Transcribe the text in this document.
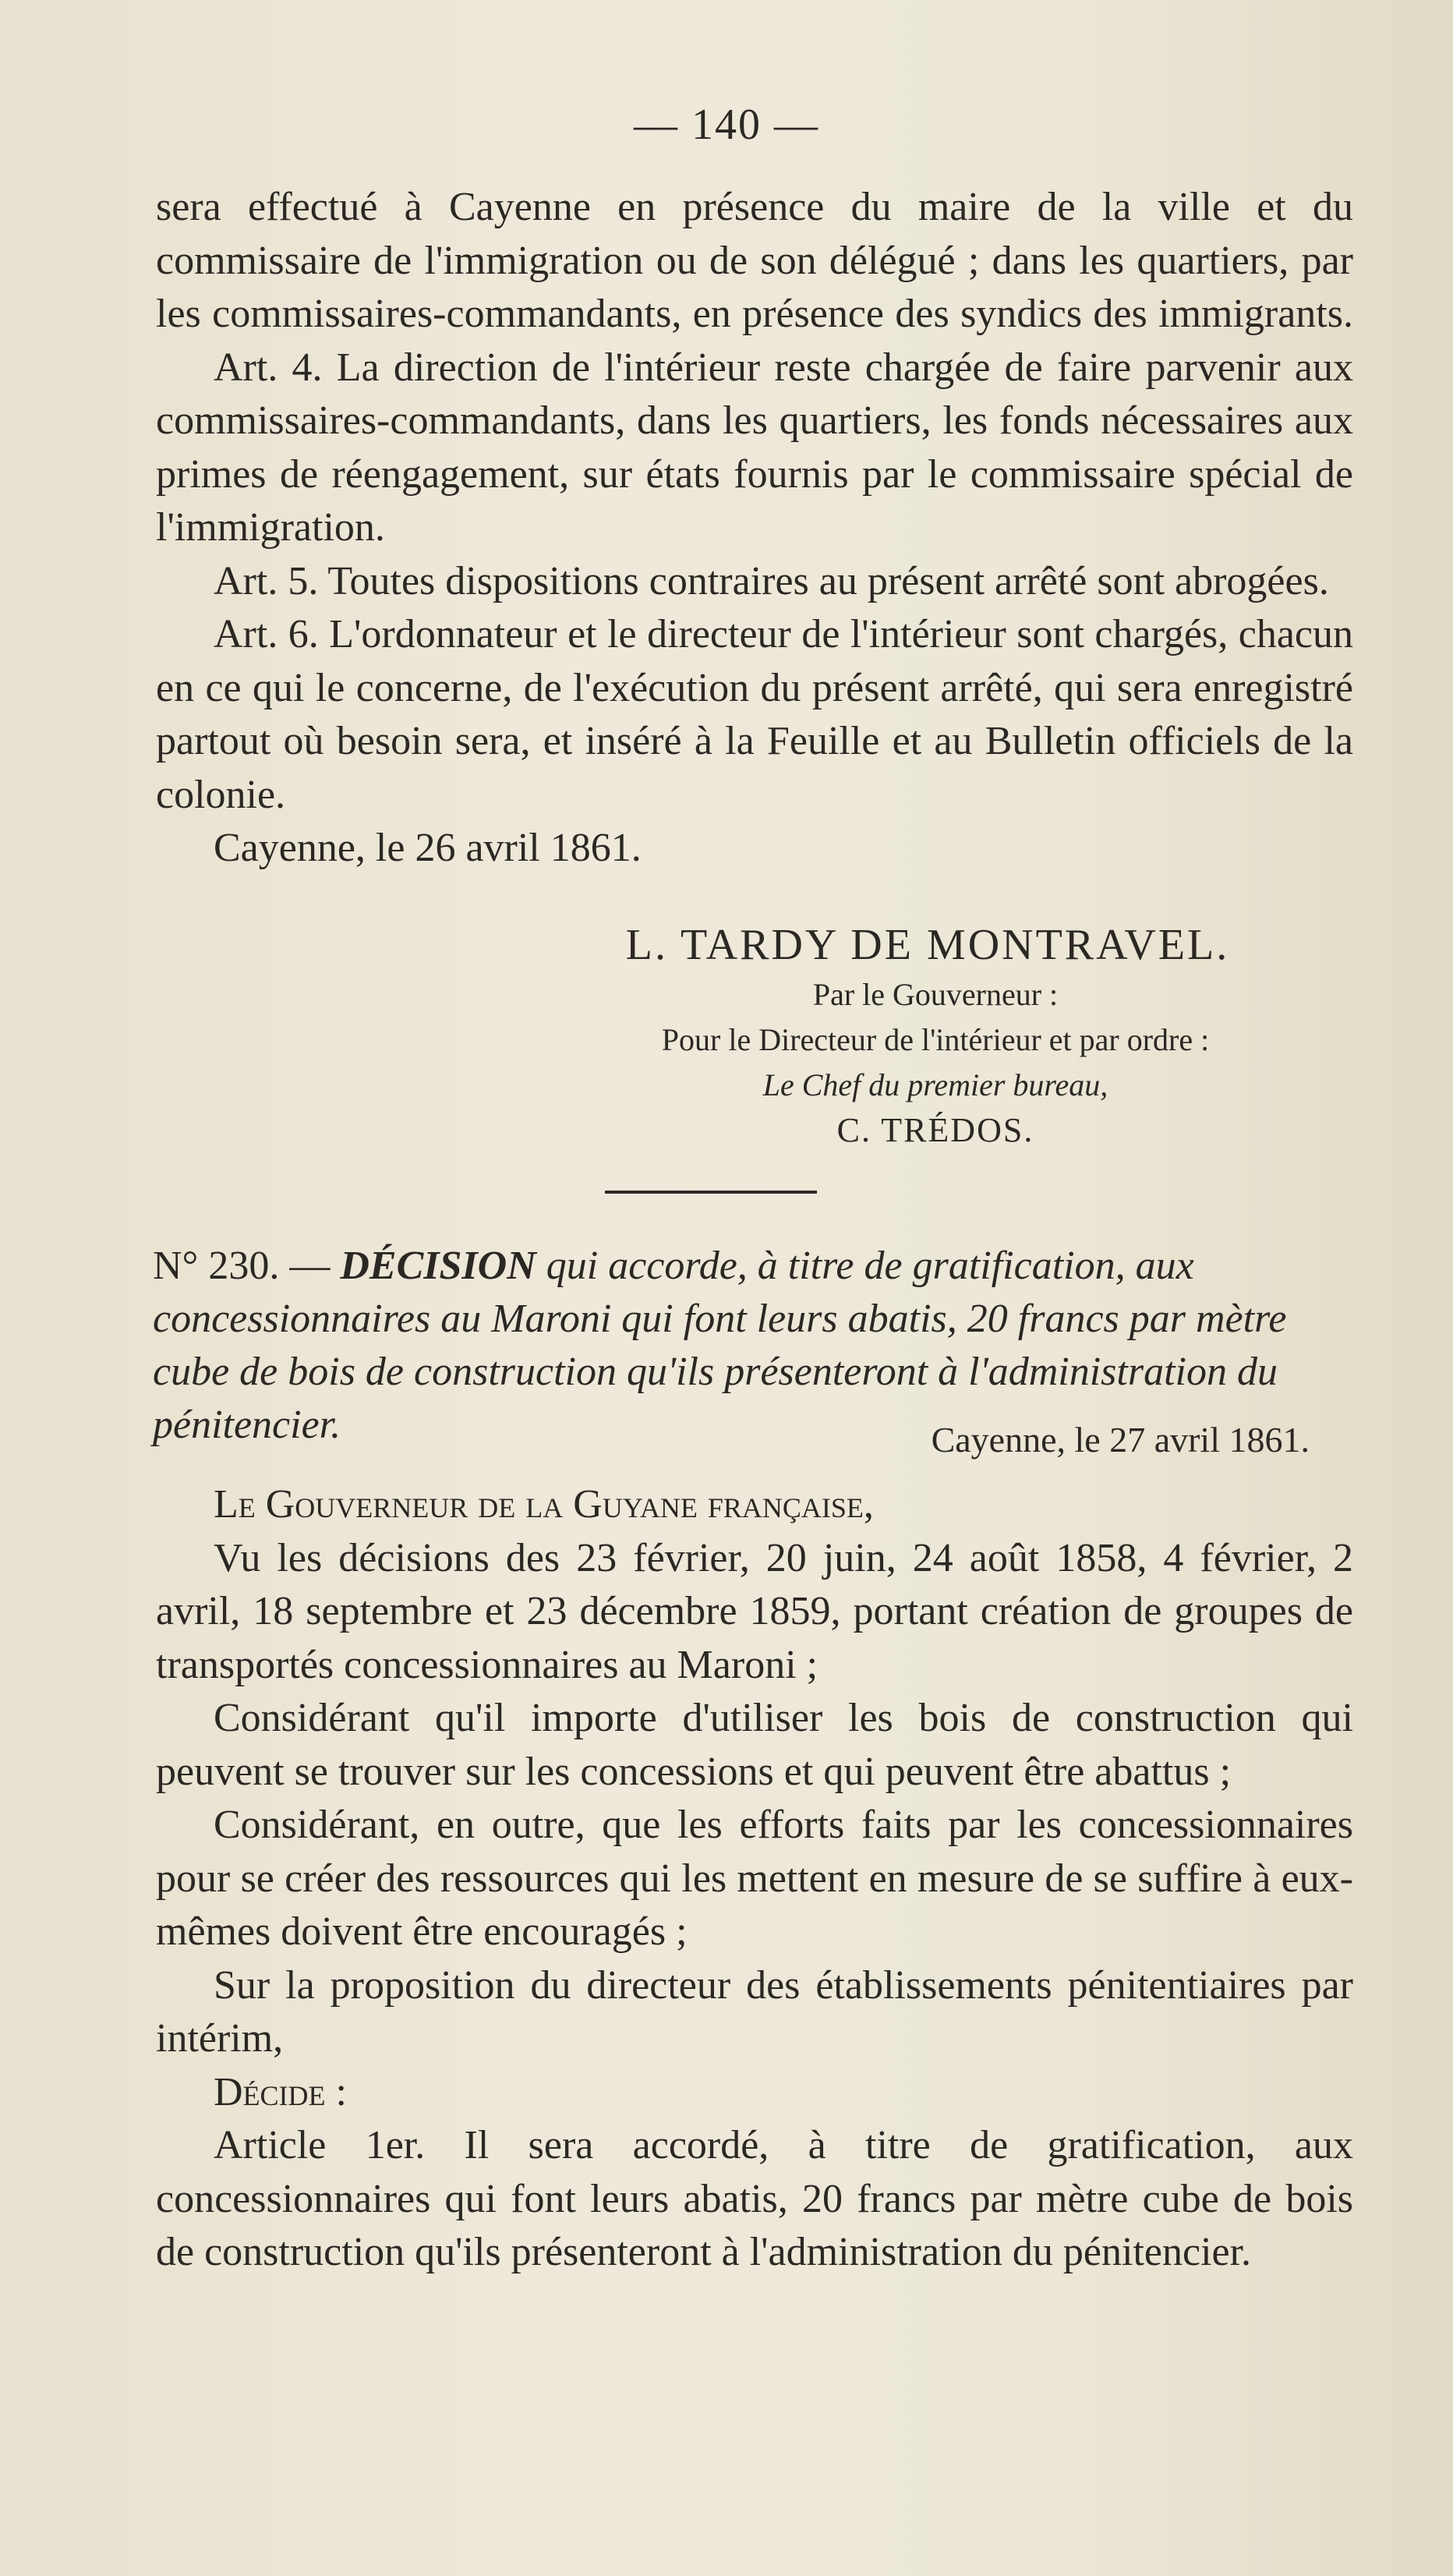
— 140 —

sera effectué à Cayenne en présence du maire de la ville et du commissaire de l'immigration ou de son délégué ; dans les quartiers, par les commissaires-commandants, en présence des syndics des immigrants.

Art. 4. La direction de l'intérieur reste chargée de faire parvenir aux commissaires-commandants, dans les quartiers, les fonds nécessaires aux primes de réengagement, sur états fournis par le commissaire spécial de l'immigration.

Art. 5. Toutes dispositions contraires au présent arrêté sont abrogées.

Art. 6. L'ordonnateur et le directeur de l'intérieur sont chargés, chacun en ce qui le concerne, de l'exécution du présent arrêté, qui sera enregistré partout où besoin sera, et inséré à la Feuille et au Bulletin officiels de la colonie.

Cayenne, le 26 avril 1861.

L. TARDY DE MONTRAVEL.
Par le Gouverneur :
Pour le Directeur de l'intérieur et par ordre :
Le Chef du premier bureau,
C. TRÉDOS.

N° 230. — DÉCISION qui accorde, à titre de gratification, aux concessionnaires au Maroni qui font leurs abatis, 20 francs par mètre cube de bois de construction qu'ils présenteront à l'administration du pénitencier.	Cayenne, le 27 avril 1861.

Le Gouverneur de la Guyane française,

Vu les décisions des 23 février, 20 juin, 24 août 1858, 4 février, 2 avril, 18 septembre et 23 décembre 1859, portant création de groupes de transportés concessionnaires au Maroni ;

Considérant qu'il importe d'utiliser les bois de construction qui peuvent se trouver sur les concessions et qui peuvent être abattus ;

Considérant, en outre, que les efforts faits par les concessionnaires pour se créer des ressources qui les mettent en mesure de se suffire à eux-mêmes doivent être encouragés ;

Sur la proposition du directeur des établissements pénitentiaires par intérim,

Décide :

Article 1er. Il sera accordé, à titre de gratification, aux concessionnaires qui font leurs abatis, 20 francs par mètre cube de bois de construction qu'ils présenteront à l'administration du pénitencier.
